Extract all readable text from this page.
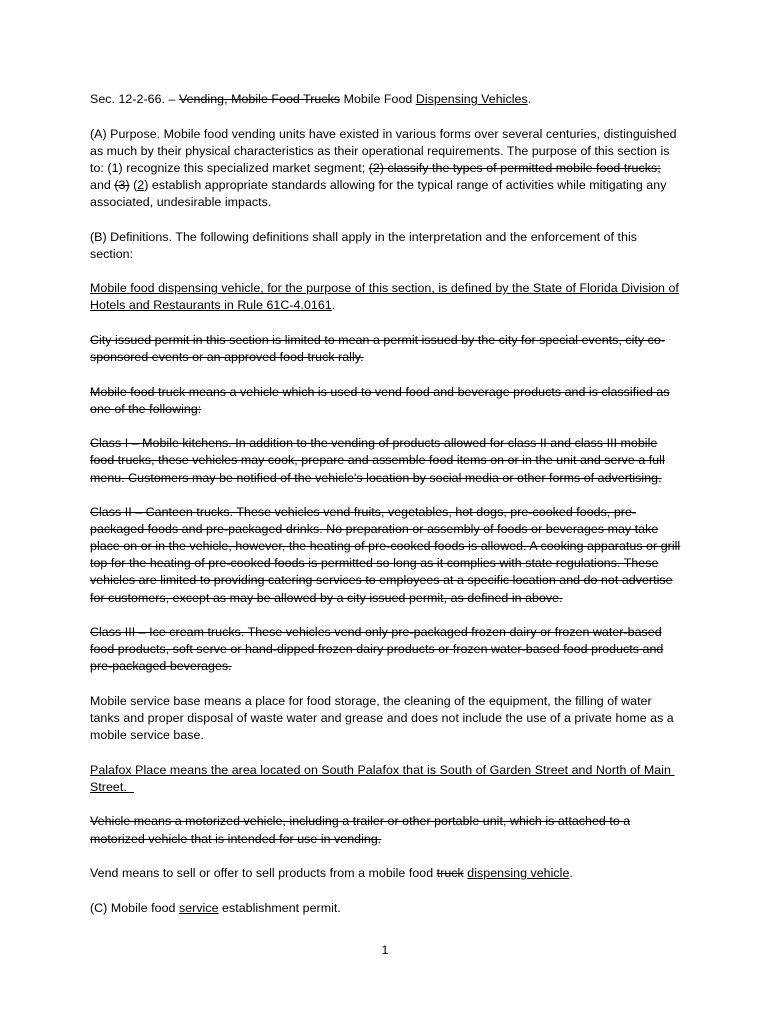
Sec. 12-2-66. – Vending, Mobile Food Trucks Mobile Food Dispensing Vehicles.

(A) Purpose. Mobile food vending units have existed in various forms over several centuries, distinguished as much by their physical characteristics as their operational requirements. The purpose of this section is to: (1) recognize this specialized market segment; (2) classify the types of permitted mobile food trucks; and (3) (2) establish appropriate standards allowing for the typical range of activities while mitigating any associated, undesirable impacts.

(B) Definitions. The following definitions shall apply in the interpretation and the enforcement of this section:

Mobile food dispensing vehicle, for the purpose of this section, is defined by the State of Florida Division of Hotels and Restaurants in Rule 61C-4.0161.

City issued permit in this section is limited to mean a permit issued by the city for special events, city co-sponsored events or an approved food truck rally.

Mobile food truck means a vehicle which is used to vend food and beverage products and is classified as one of the following:

Class I – Mobile kitchens. In addition to the vending of products allowed for class II and class III mobile food trucks, these vehicles may cook, prepare and assemble food items on or in the unit and serve a full menu. Customers may be notified of the vehicle's location by social media or other forms of advertising.

Class II – Canteen trucks. These vehicles vend fruits, vegetables, hot dogs, pre-cooked foods, pre-packaged foods and pre-packaged drinks. No preparation or assembly of foods or beverages may take place on or in the vehicle, however, the heating of pre-cooked foods is allowed. A cooking apparatus or grill top for the heating of pre-cooked foods is permitted so long as it complies with state regulations. These vehicles are limited to providing catering services to employees at a specific location and do not advertise for customers, except as may be allowed by a city issued permit, as defined in above.

Class III – Ice cream trucks. These vehicles vend only pre-packaged frozen dairy or frozen water-based food products, soft serve or hand-dipped frozen dairy products or frozen water-based food products and pre-packaged beverages.

Mobile service base means a place for food storage, the cleaning of the equipment, the filling of water tanks and proper disposal of waste water and grease and does not include the use of a private home as a mobile service base.

Palafox Place means the area located on South Palafox that is South of Garden Street and North of Main Street.

Vehicle means a motorized vehicle, including a trailer or other portable unit, which is attached to a motorized vehicle that is intended for use in vending.

Vend means to sell or offer to sell products from a mobile food truck dispensing vehicle.

(C) Mobile food service establishment permit.

1
